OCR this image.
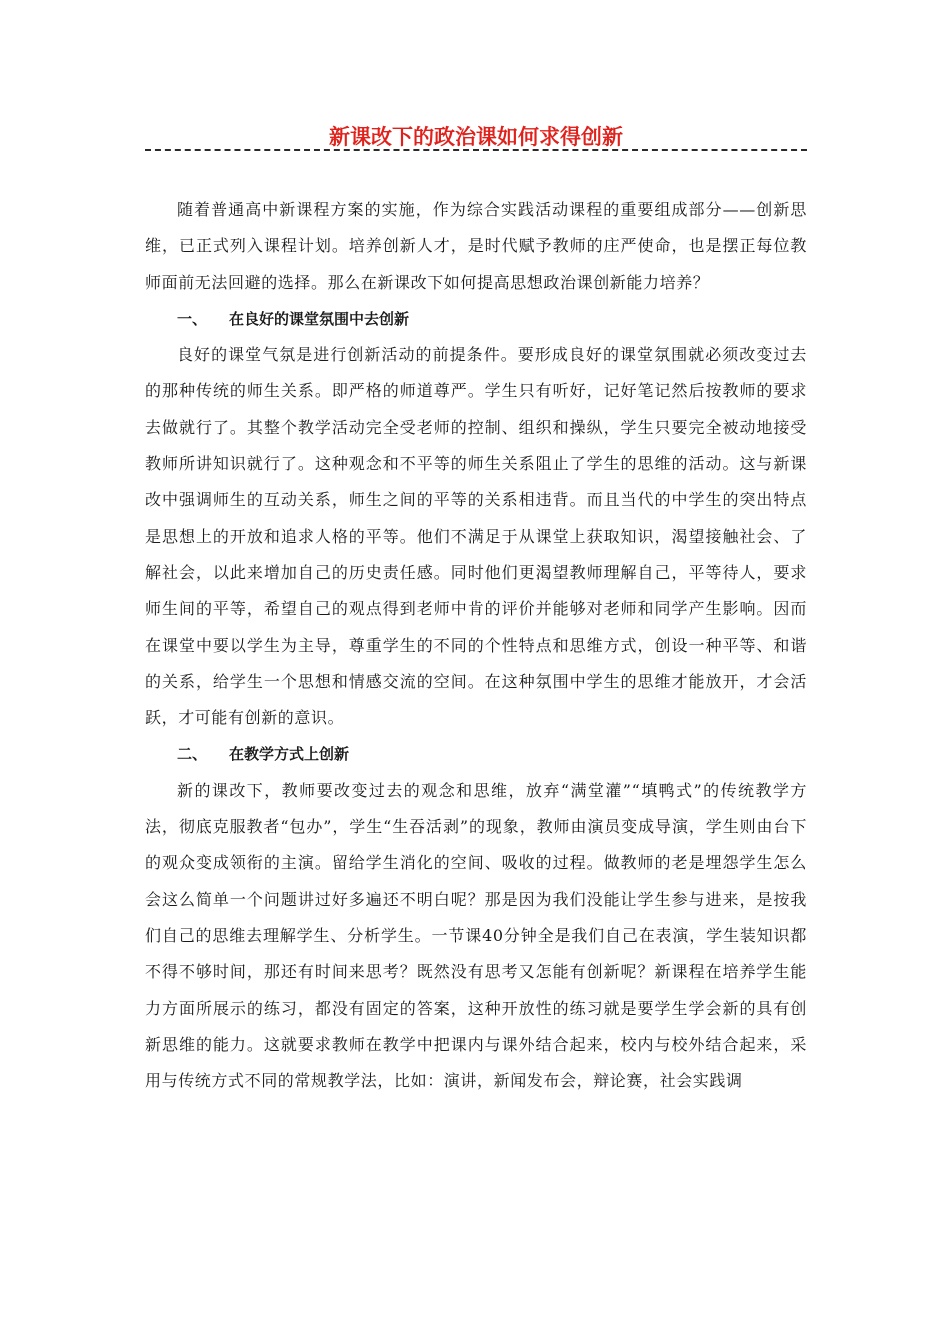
新课改下的政治课如何求得创新

随着普通高中新课程方案的实施，作为综合实践活动课程的重要组成部分——创新思维，已正式列入课程计划。培养创新人才，是时代赋予教师的庄严使命，也是摆正每位教师面前无法回避的选择。那么在新课改下如何提高思想政治课创新能力培养？

一、 在良好的课堂氛围中去创新

良好的课堂气氛是进行创新活动的前提条件。要形成良好的课堂氛围就必须改变过去的那种传统的师生关系。即严格的师道尊严。学生只有听好，记好笔记然后按教师的要求去做就行了。其整个教学活动完全受老师的控制、组织和操纵，学生只要完全被动地接受教师所讲知识就行了。这种观念和不平等的师生关系阻止了学生的思维的活动。这与新课改中强调师生的互动关系，师生之间的平等的关系相违背。而且当代的中学生的突出特点是思想上的开放和追求人格的平等。他们不满足于从课堂上获取知识，渴望接触社会、了解社会，以此来增加自己的历史责任感。同时他们更渴望教师理解自己，平等待人，要求师生间的平等，希望自己的观点得到老师中肯的评价并能够对老师和同学产生影响。因而在课堂中要以学生为主导，尊重学生的不同的个性特点和思维方式，创设一种平等、和谐的关系，给学生一个思想和情感交流的空间。在这种氛围中学生的思维才能放开，才会活跃，才可能有创新的意识。

二、 在教学方式上创新

新的课改下，教师要改变过去的观念和思维，放弃“满堂灌”“填鸭式”的传统教学方法，彻底克服教者“包办”，学生“生吞活剥”的现象，教师由演员变成导演，学生则由台下的观众变成领衔的主演。留给学生消化的空间、吸收的过程。做教师的老是埋怨学生怎么会这么简单一个问题讲过好多遍还不明白呢？那是因为我们没能让学生参与进来，是按我们自己的思维去理解学生、分析学生。一节课40分钟全是我们自己在表演，学生装知识都不得不够时间，那还有时间来思考？既然没有思考又怎能有创新呢？新课程在培养学生能力方面所展示的练习，都没有固定的答案，这种开放性的练习就是要学生学会新的具有创新思维的能力。这就要求教师在教学中把课内与课外结合起来，校内与校外结合起来，采用与传统方式不同的常规教学法，比如：演讲，新闻发布会，辩论赛，社会实践调
